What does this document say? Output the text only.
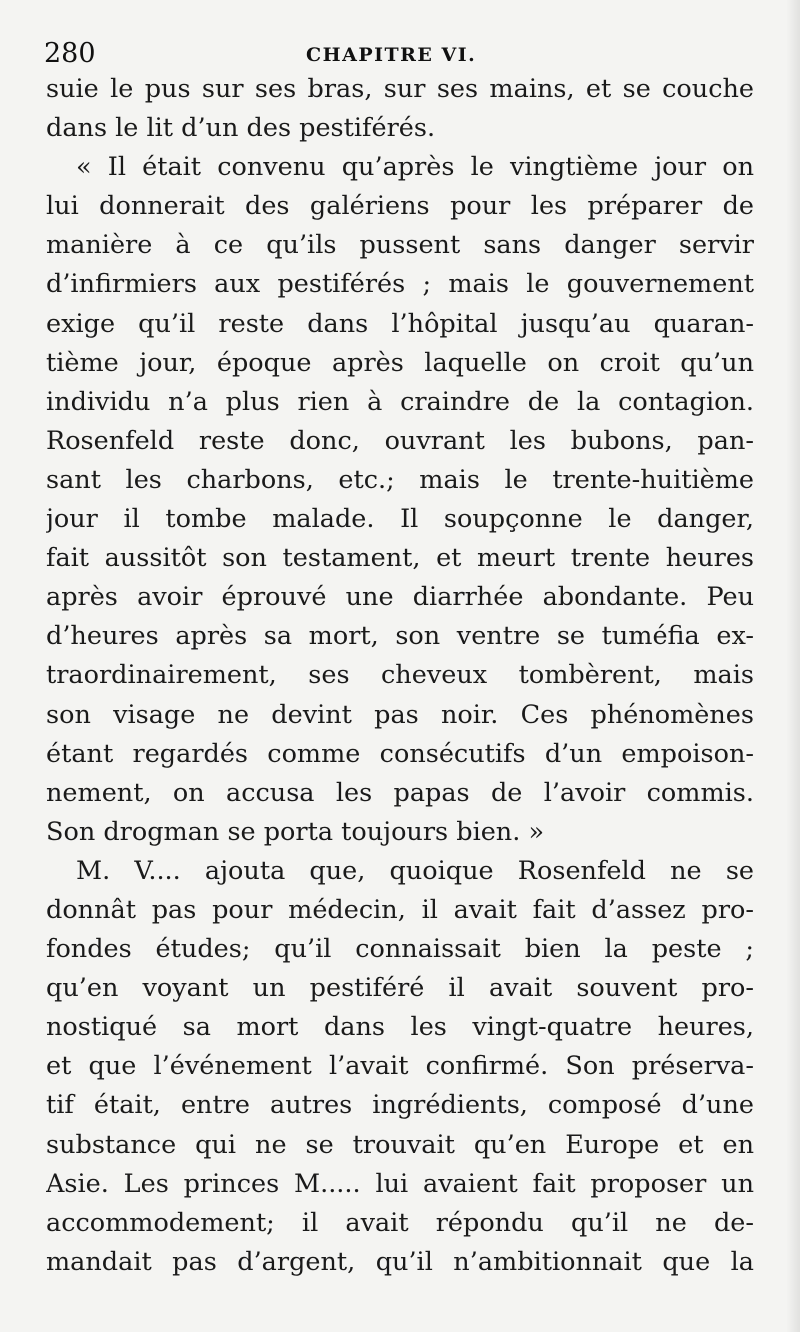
280	CHAPITRE VI.
suie le pus sur ses bras, sur ses mains, et se couche
dans le lit d’un des pestiférés.
« Il était convenu qu’après le vingtième jour on
lui donnerait des galériens pour les préparer de
manière à ce qu’ils pussent sans danger servir
d’infirmiers aux pestiférés ; mais le gouvernement
exige qu’il reste dans l’hôpital jusqu’au quaran-
tième jour, époque après laquelle on croit qu’un
individu n’a plus rien à craindre de la contagion.
Rosenfeld reste donc, ouvrant les bubons, pan-
sant les charbons, etc.; mais le trente-huitième
jour il tombe malade. Il soupçonne le danger,
fait aussitôt son testament, et meurt trente heures
après avoir éprouvé une diarrhée abondante. Peu
d’heures après sa mort, son ventre se tuméfia ex-
traordinairement, ses cheveux tombèrent, mais
son visage ne devint pas noir. Ces phénomènes
étant regardés comme consécutifs d’un empoison-
nement, on accusa les papas de l’avoir commis.
Son drogman se porta toujours bien. »
M. V.... ajouta que, quoique Rosenfeld ne se
donnât pas pour médecin, il avait fait d’assez pro-
fondes études; qu’il connaissait bien la peste ;
qu’en voyant un pestiféré il avait souvent pro-
nostiqué sa mort dans les vingt-quatre heures,
et que l’événement l’avait confirmé. Son préserva-
tif était, entre autres ingrédients, composé d’une
substance qui ne se trouvait qu’en Europe et en
Asie. Les princes M..... lui avaient fait proposer un
accommodement; il avait répondu qu’il ne de-
mandait pas d’argent, qu’il n’ambitionnait que la
